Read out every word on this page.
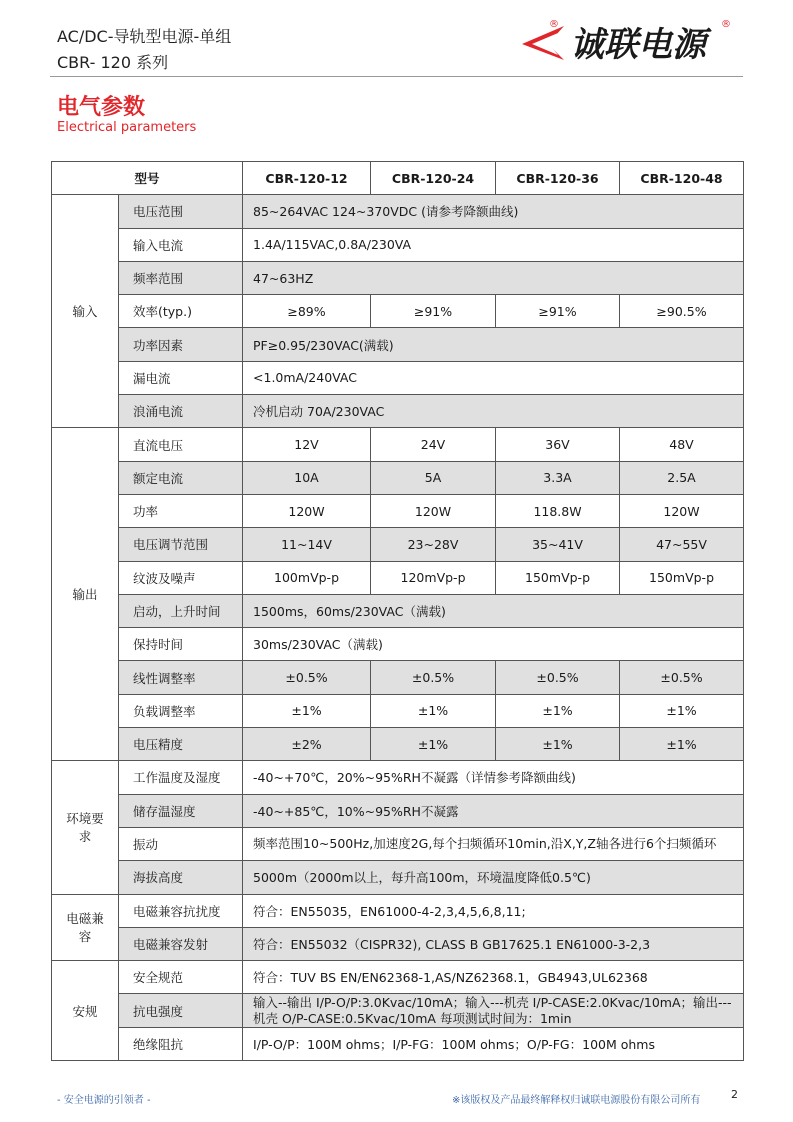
AC/DC-导轨型电源-单组
CBR- 120 系列
®
诚联电源
®
电气参数
Electrical parameters
型号		CBR-120-12	CBR-120-24	CBR-120-36	CBR-120-48
输入	电压范围	85~264VAC 124~370VDC (请参考降额曲线)			
	输入电流	1.4A/115VAC,0.8A/230VA			
	频率范围	47~63HZ			
	效率(typ.)	≥89%	≥91%	≥91%	≥90.5%
	功率因素	PF≥0.95/230VAC(满载)			
	漏电流	<1.0mA/240VAC			
	浪涌电流	冷机启动 70A/230VAC			
输出	直流电压	12V	24V	36V	48V
	额定电流	10A	5A	3.3A	2.5A
	功率	120W	120W	118.8W	120W
	电压调节范围	11~14V	23~28V	35~41V	47~55V
	纹波及噪声	100mVp-p	120mVp-p	150mVp-p	150mVp-p
	启动，上升时间	1500ms，60ms/230VAC（满载)			
	保持时间	30ms/230VAC（满载)			
	线性调整率	±0.5%	±0.5%	±0.5%	±0.5%
	负载调整率	±1%	±1%	±1%	±1%
	电压精度	±2%	±1%	±1%	±1%
环境要求	工作温度及湿度	-40~+70℃，20%~95%RH不凝露（详情参考降额曲线)			
	储存温湿度	-40~+85℃，10%~95%RH不凝露			
	振动	频率范围10~500Hz,加速度2G,每个扫频循环10min,沿X,Y,Z轴各进行6个扫频循环			
	海拔高度	5000m（2000m以上，每升高100m，环境温度降低0.5℃)			
电磁兼容	电磁兼容抗扰度	符合：EN55035，EN61000-4-2,3,4,5,6,8,11;			
	电磁兼容发射	符合：EN55032（CISPR32), CLASS B GB17625.1 EN61000-3-2,3			
安规	安全规范	符合：TUV BS EN/EN62368-1,AS/NZ62368.1，GB4943,UL62368			
	抗电强度	输入--输出 I/P-O/P:3.0Kvac/10mA；输入---机壳 I/P-CASE:2.0Kvac/10mA；输出---机壳 O/P-CASE:0.5Kvac/10mA 每项测试时间为：1min			
	绝缘阻抗	I/P-O/P：100M ohms；I/P-FG：100M ohms；O/P-FG：100M ohms			
- 安全电源的引领者 -	※该版权及产品最终解释权归诚联电源股份有限公司所有	2
